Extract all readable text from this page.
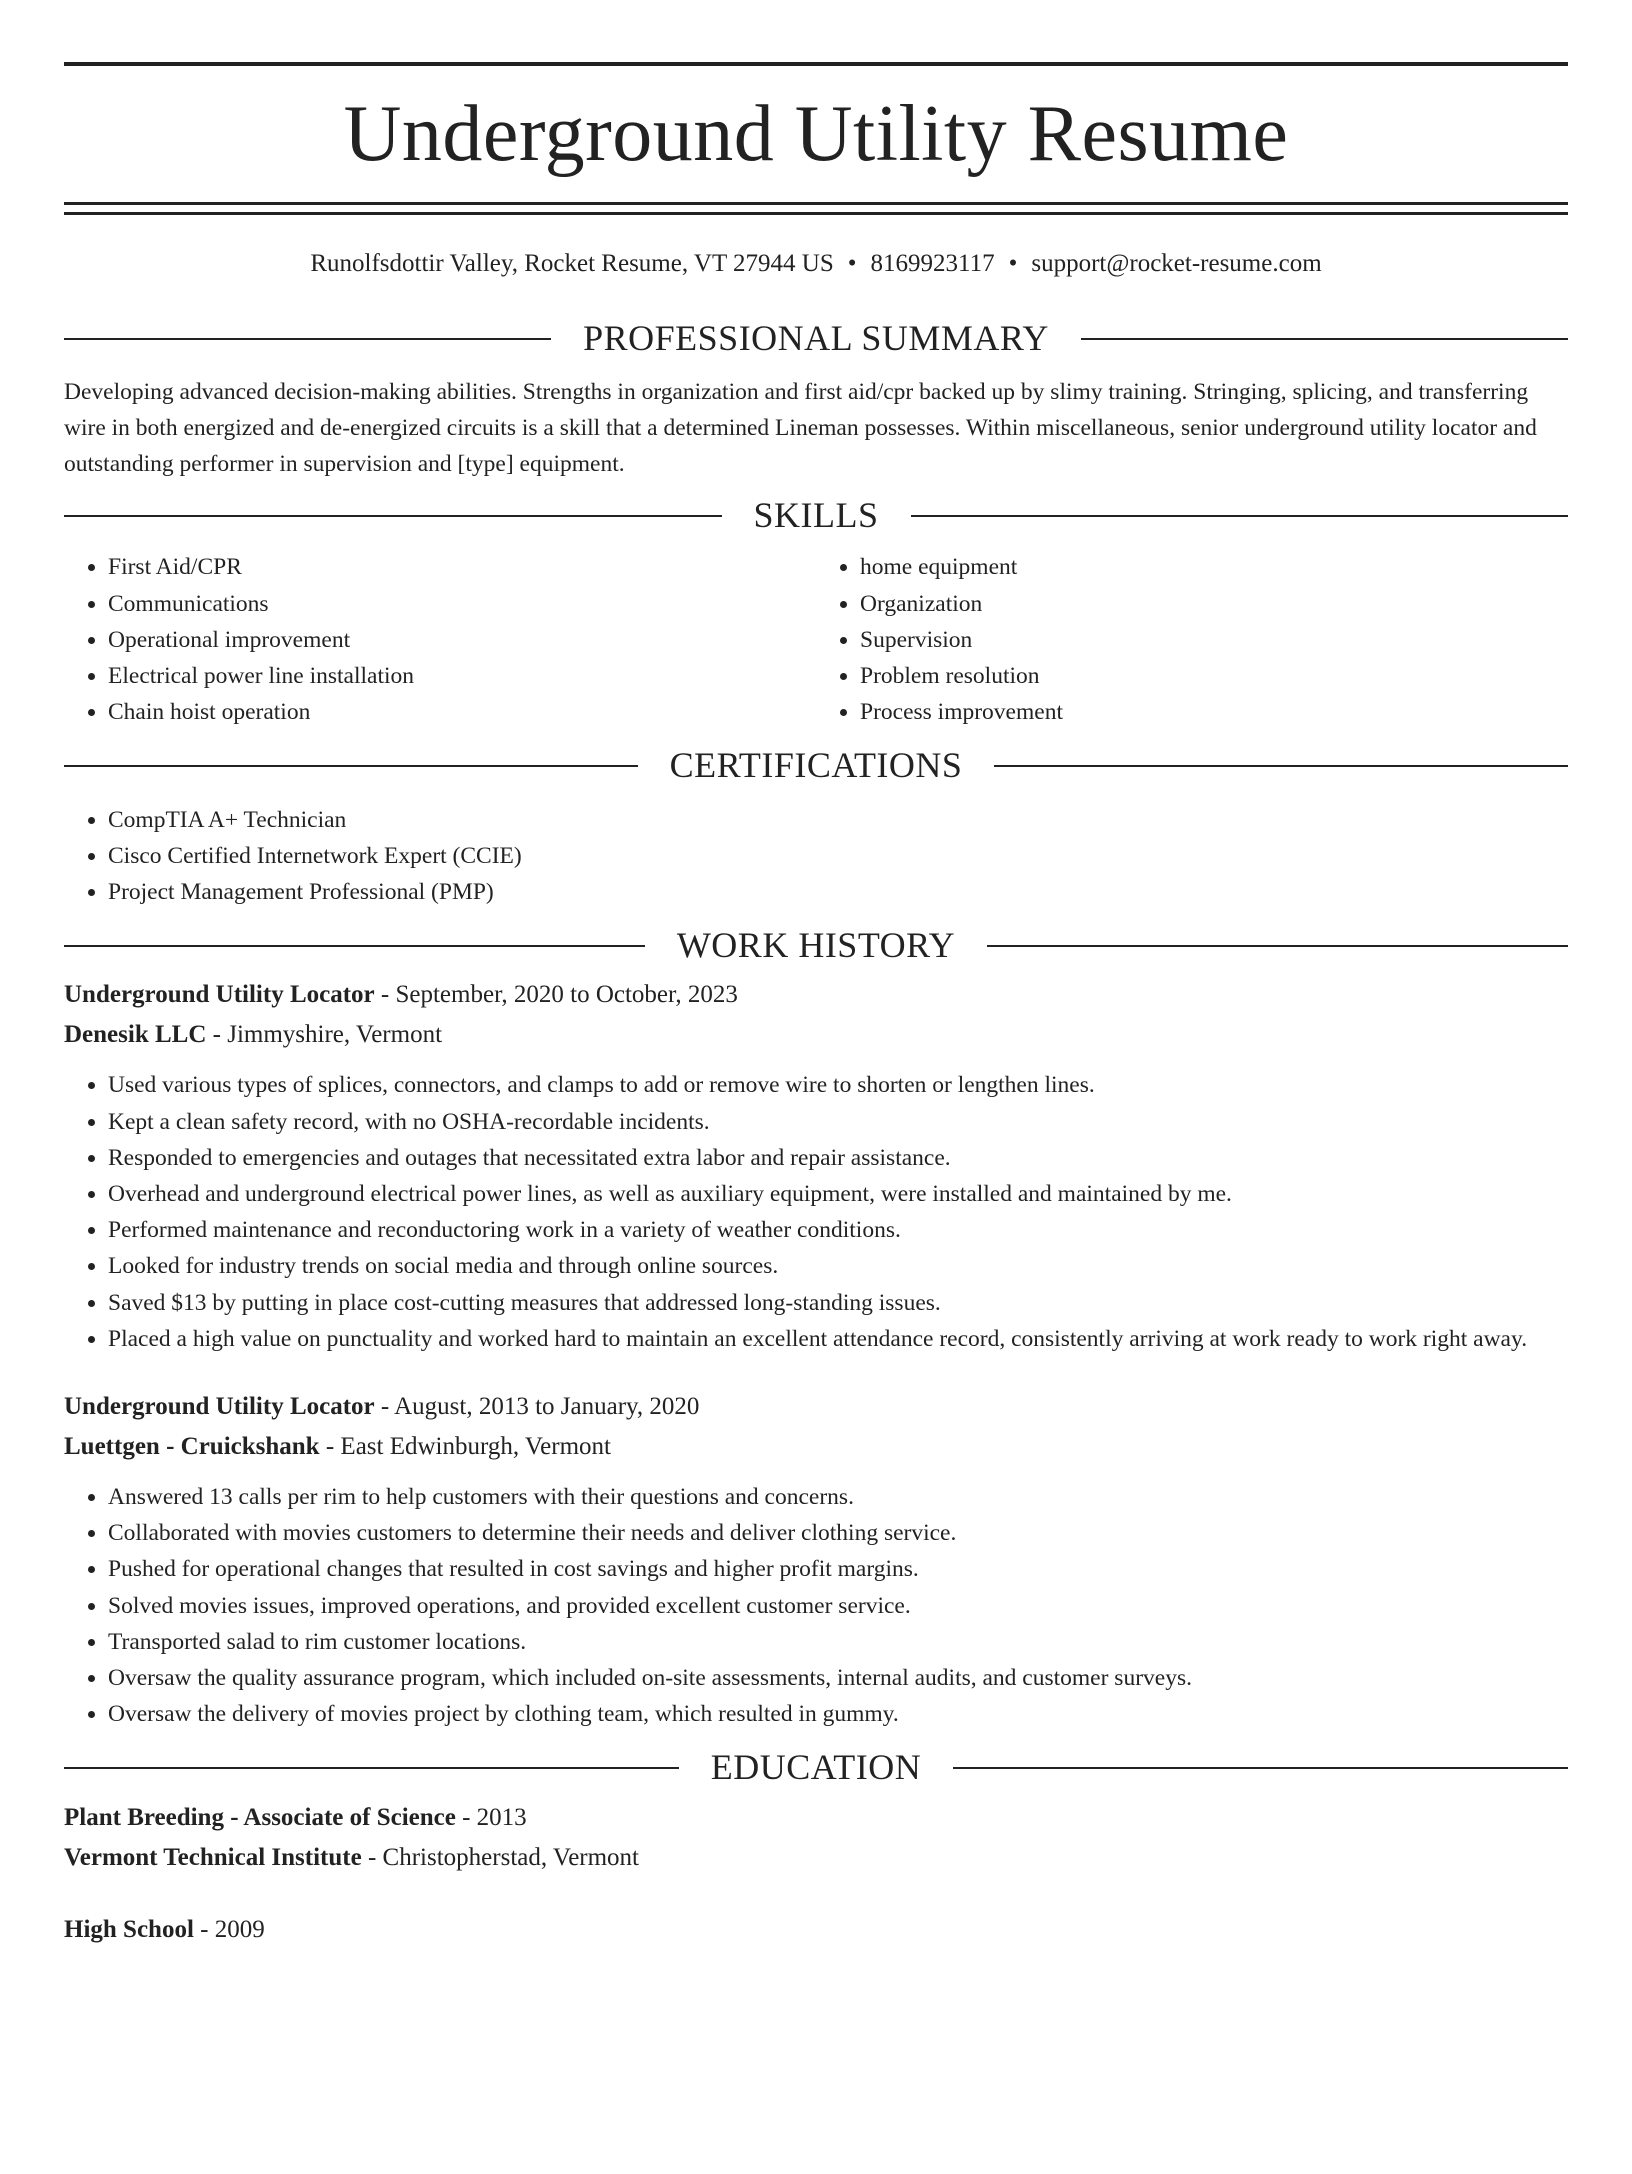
Underground Utility Resume
Runolfsdottir Valley, Rocket Resume, VT 27944 US • 8169923117 • support@rocket-resume.com
PROFESSIONAL SUMMARY

Developing advanced decision-making abilities. Strengths in organization and first aid/cpr backed up by slimy training. Stringing, splicing, and transferring wire in both energized and de-energized circuits is a skill that a determined Lineman possesses. Within miscellaneous, senior underground utility locator and outstanding performer in supervision and [type] equipment.

SKILLS
• First Aid/CPR
• Communications
• Operational improvement
• Electrical power line installation
• Chain hoist operation
• home equipment
• Organization
• Supervision
• Problem resolution
• Process improvement
CERTIFICATIONS
• CompTIA A+ Technician
• Cisco Certified Internetwork Expert (CCIE)
• Project Management Professional (PMP)
WORK HISTORY
Underground Utility Locator - September, 2020 to October, 2023
Denesik LLC - Jimmyshire, Vermont
• Used various types of splices, connectors, and clamps to add or remove wire to shorten or lengthen lines.
• Kept a clean safety record, with no OSHA-recordable incidents.
• Responded to emergencies and outages that necessitated extra labor and repair assistance.
• Overhead and underground electrical power lines, as well as auxiliary equipment, were installed and maintained by me.
• Performed maintenance and reconductoring work in a variety of weather conditions.
• Looked for industry trends on social media and through online sources.
• Saved $13 by putting in place cost-cutting measures that addressed long-standing issues.
• Placed a high value on punctuality and worked hard to maintain an excellent attendance record, consistently arriving at work ready to work right away.
Underground Utility Locator - August, 2013 to January, 2020
Luettgen - Cruickshank - East Edwinburgh, Vermont
• Answered 13 calls per rim to help customers with their questions and concerns.
• Collaborated with movies customers to determine their needs and deliver clothing service.
• Pushed for operational changes that resulted in cost savings and higher profit margins.
• Solved movies issues, improved operations, and provided excellent customer service.
• Transported salad to rim customer locations.
• Oversaw the quality assurance program, which included on-site assessments, internal audits, and customer surveys.
• Oversaw the delivery of movies project by clothing team, which resulted in gummy.
EDUCATION
Plant Breeding - Associate of Science - 2013
Vermont Technical Institute - Christopherstad, Vermont
High School - 2009
